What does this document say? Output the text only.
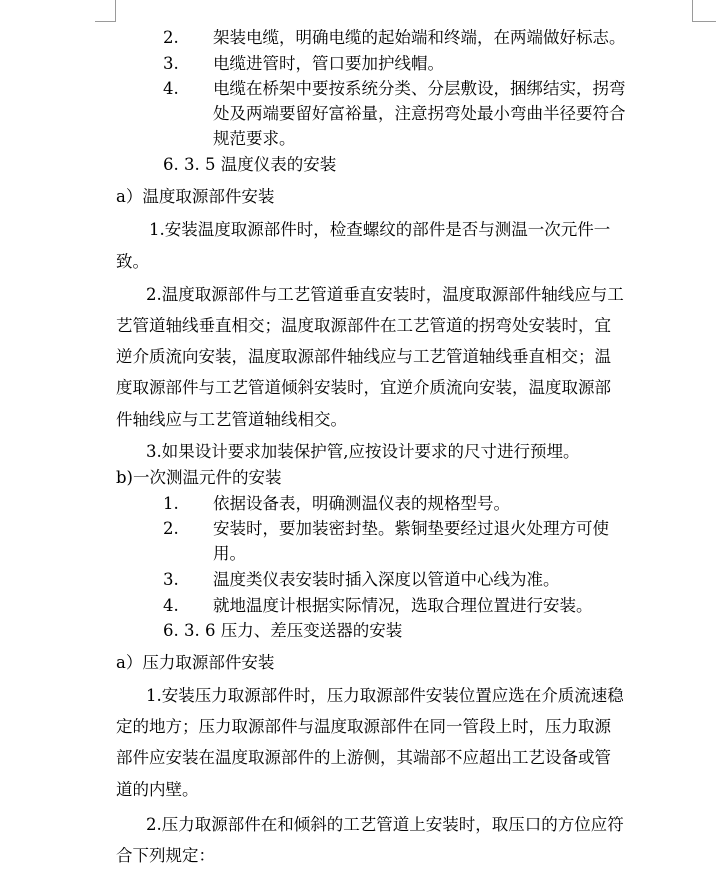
2. 架装电缆，明确电缆的起始端和终端，在两端做好标志。
3. 电缆进管时，管口要加护线帽。
4. 电缆在桥架中要按系统分类、分层敷设，捆绑结实，拐弯
处及两端要留好富裕量，注意拐弯处最小弯曲半径要符合
规范要求。
6. 3. 5 温度仪表的安装
a）温度取源部件安装
1.安装温度取源部件时，检查螺纹的部件是否与测温一次元件一
致。
2.温度取源部件与工艺管道垂直安装时，温度取源部件轴线应与工
艺管道轴线垂直相交；温度取源部件在工艺管道的拐弯处安装时，宜
逆介质流向安装，温度取源部件轴线应与工艺管道轴线垂直相交；温
度取源部件与工艺管道倾斜安装时，宜逆介质流向安装，温度取源部
件轴线应与工艺管道轴线相交。
3.如果设计要求加装保护管,应按设计要求的尺寸进行预埋。
b)一次测温元件的安装
1. 依据设备表，明确测温仪表的规格型号。
2. 安装时，要加装密封垫。紫铜垫要经过退火处理方可使
用。
3. 温度类仪表安装时插入深度以管道中心线为准。
4. 就地温度计根据实际情况，选取合理位置进行安装。
6. 3. 6 压力、差压变送器的安装
a）压力取源部件安装
1.安装压力取源部件时，压力取源部件安装位置应选在介质流速稳
定的地方；压力取源部件与温度取源部件在同一管段上时，压力取源
部件应安装在温度取源部件的上游侧，其端部不应超出工艺设备或管
道的内壁。
2.压力取源部件在和倾斜的工艺管道上安装时，取压口的方位应符
合下列规定：
